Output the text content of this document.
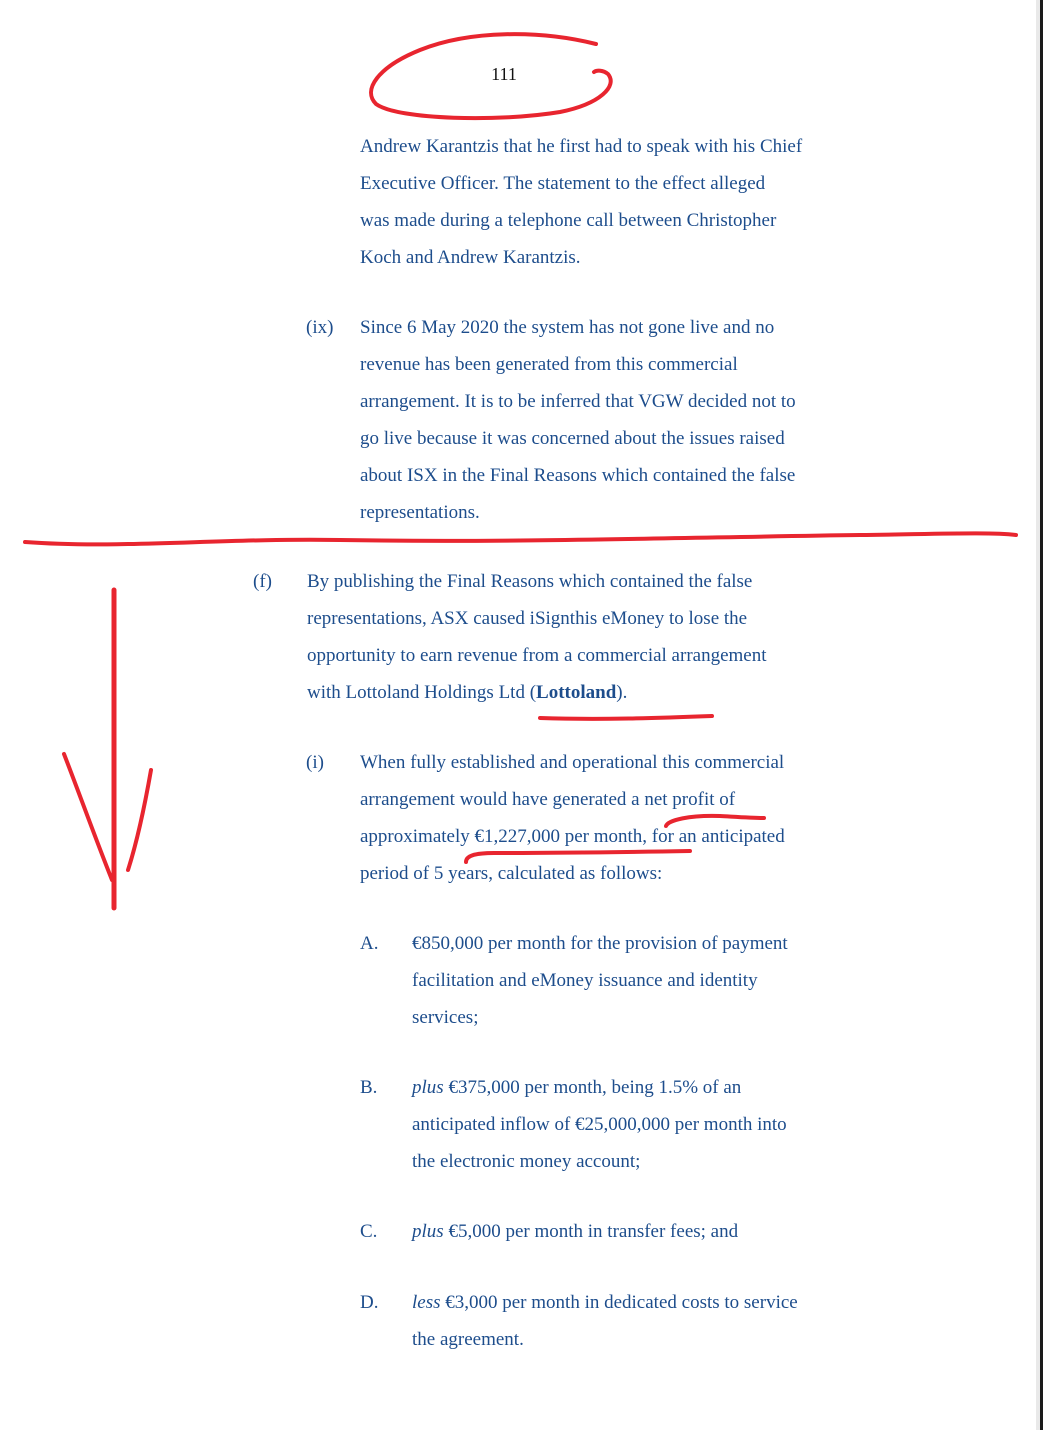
111

Andrew Karantzis that he first had to speak with his Chief

Executive Officer. The statement to the effect alleged

was made during a telephone call between Christopher

Koch and Andrew Karantzis.

(ix) Since 6 May 2020 the system has not gone live and no

revenue has been generated from this commercial

arrangement. It is to be inferred that VGW decided not to

go live because it was concerned about the issues raised

about ISX in the Final Reasons which contained the false

representations.

(f) By publishing the Final Reasons which contained the false

representations, ASX caused iSignthis eMoney to lose the

opportunity to earn revenue from a commercial arrangement

with Lottoland Holdings Ltd (Lottoland).

(i) When fully established and operational this commercial

arrangement would have generated a net profit of

approximately €1,227,000 per month, for an anticipated

period of 5 years, calculated as follows:

A. €850,000 per month for the provision of payment

facilitation and eMoney issuance and identity

services;

B. plus €375,000 per month, being 1.5% of an

anticipated inflow of €25,000,000 per month into

the electronic money account;

C. plus €5,000 per month in transfer fees; and

D. less €3,000 per month in dedicated costs to service

the agreement.
